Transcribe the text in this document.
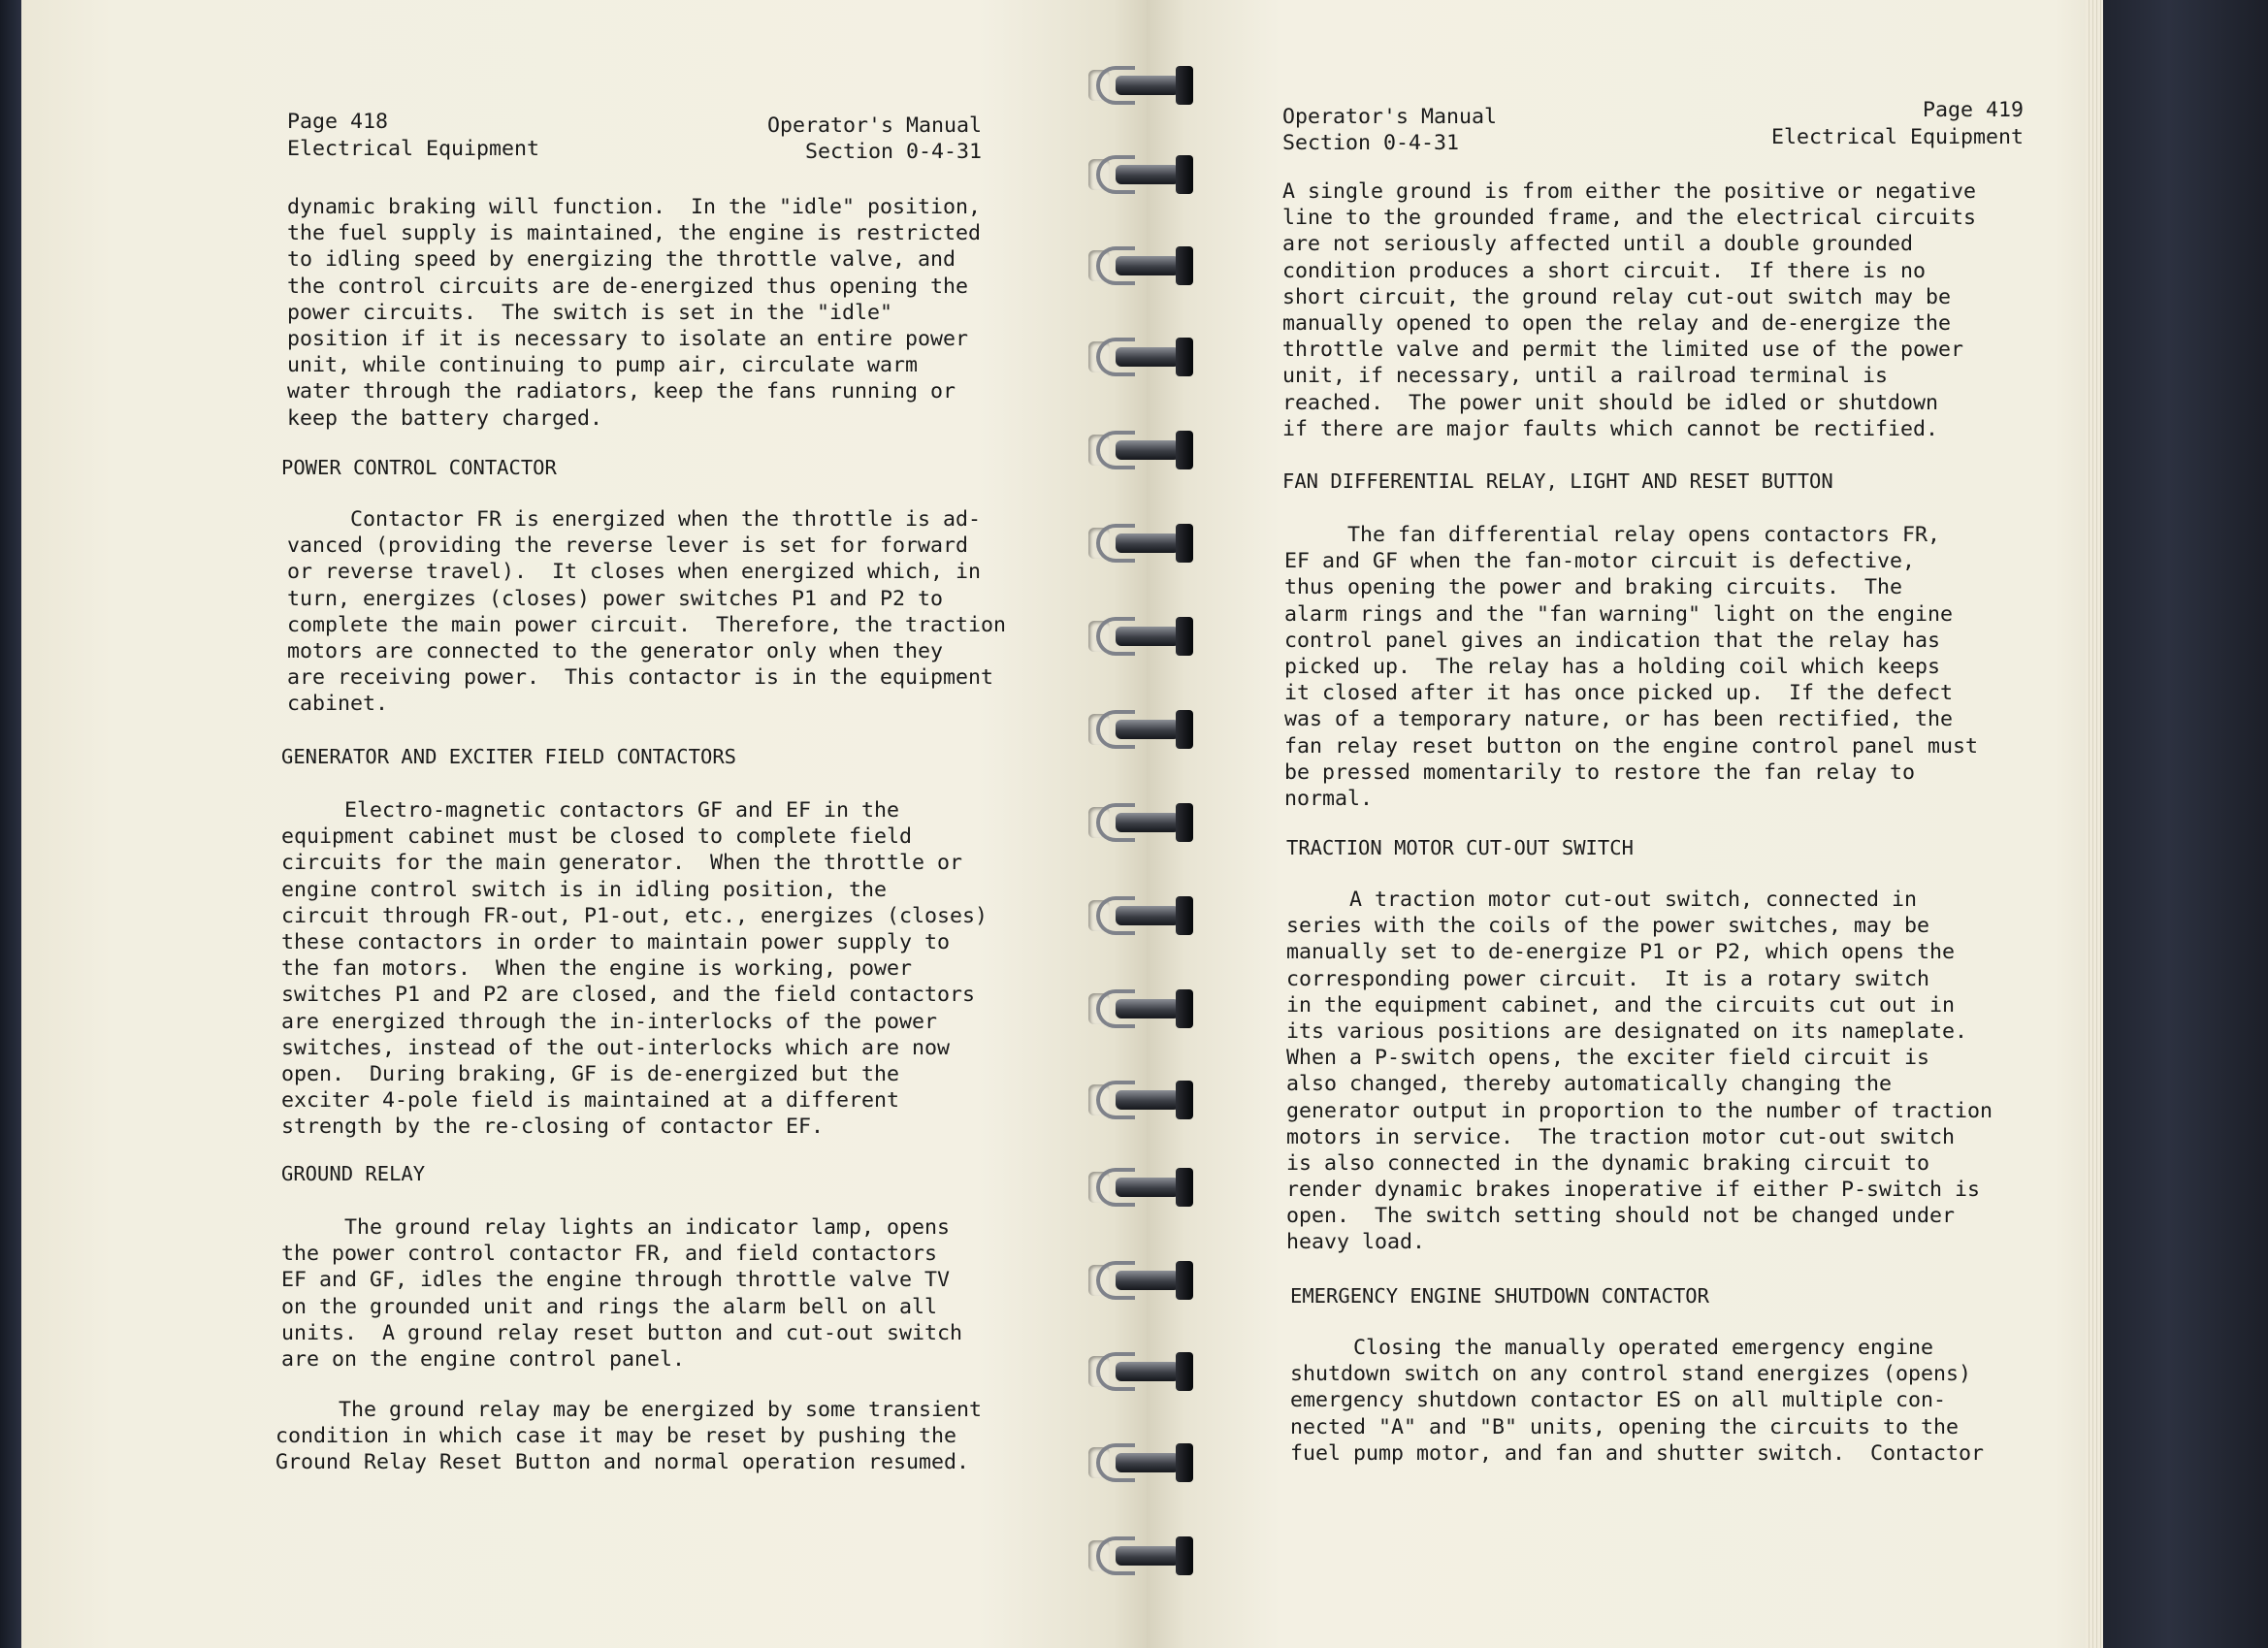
Page 418
Electrical Equipment
Operator's Manual
Section 0-4-31
dynamic braking will function.  In the "idle" position,
the fuel supply is maintained, the engine is restricted
to idling speed by energizing the throttle valve, and
the control circuits are de-energized thus opening the
power circuits.  The switch is set in the "idle"
position if it is necessary to isolate an entire power
unit, while continuing to pump air, circulate warm
water through the radiators, keep the fans running or
keep the battery charged.
POWER CONTROL CONTACTOR
Contactor FR is energized when the throttle is ad-
vanced (providing the reverse lever is set for forward
or reverse travel).  It closes when energized which, in
turn, energizes (closes) power switches P1 and P2 to
complete the main power circuit.  Therefore, the traction
motors are connected to the generator only when they
are receiving power.  This contactor is in the equipment
cabinet.
GENERATOR AND EXCITER FIELD CONTACTORS
Electro-magnetic contactors GF and EF in the
equipment cabinet must be closed to complete field
circuits for the main generator.  When the throttle or
engine control switch is in idling position, the
circuit through FR-out, P1-out, etc., energizes (closes)
these contactors in order to maintain power supply to
the fan motors.  When the engine is working, power
switches P1 and P2 are closed, and the field contactors
are energized through the in-interlocks of the power
switches, instead of the out-interlocks which are now
open.  During braking, GF is de-energized but the
exciter 4-pole field is maintained at a different
strength by the re-closing of contactor EF.
GROUND RELAY
The ground relay lights an indicator lamp, opens
the power control contactor FR, and field contactors
EF and GF, idles the engine through throttle valve TV
on the grounded unit and rings the alarm bell on all
units.  A ground relay reset button and cut-out switch
are on the engine control panel.
The ground relay may be energized by some transient
condition in which case it may be reset by pushing the
Ground Relay Reset Button and normal operation resumed.
Operator's Manual
Section 0-4-31
Page 419
Electrical Equipment
A single ground is from either the positive or negative
line to the grounded frame, and the electrical circuits
are not seriously affected until a double grounded
condition produces a short circuit.  If there is no
short circuit, the ground relay cut-out switch may be
manually opened to open the relay and de-energize the
throttle valve and permit the limited use of the power
unit, if necessary, until a railroad terminal is
reached.  The power unit should be idled or shutdown
if there are major faults which cannot be rectified.
FAN DIFFERENTIAL RELAY, LIGHT AND RESET BUTTON
The fan differential relay opens contactors FR,
EF and GF when the fan-motor circuit is defective,
thus opening the power and braking circuits.  The
alarm rings and the "fan warning" light on the engine
control panel gives an indication that the relay has
picked up.  The relay has a holding coil which keeps
it closed after it has once picked up.  If the defect
was of a temporary nature, or has been rectified, the
fan relay reset button on the engine control panel must
be pressed momentarily to restore the fan relay to
normal.
TRACTION MOTOR CUT-OUT SWITCH
A traction motor cut-out switch, connected in
series with the coils of the power switches, may be
manually set to de-energize P1 or P2, which opens the
corresponding power circuit.  It is a rotary switch
in the equipment cabinet, and the circuits cut out in
its various positions are designated on its nameplate.
When a P-switch opens, the exciter field circuit is
also changed, thereby automatically changing the
generator output in proportion to the number of traction
motors in service.  The traction motor cut-out switch
is also connected in the dynamic braking circuit to
render dynamic brakes inoperative if either P-switch is
open.  The switch setting should not be changed under
heavy load.
EMERGENCY ENGINE SHUTDOWN CONTACTOR
Closing the manually operated emergency engine
shutdown switch on any control stand energizes (opens)
emergency shutdown contactor ES on all multiple con-
nected "A" and "B" units, opening the circuits to the
fuel pump motor, and fan and shutter switch.  Contactor
